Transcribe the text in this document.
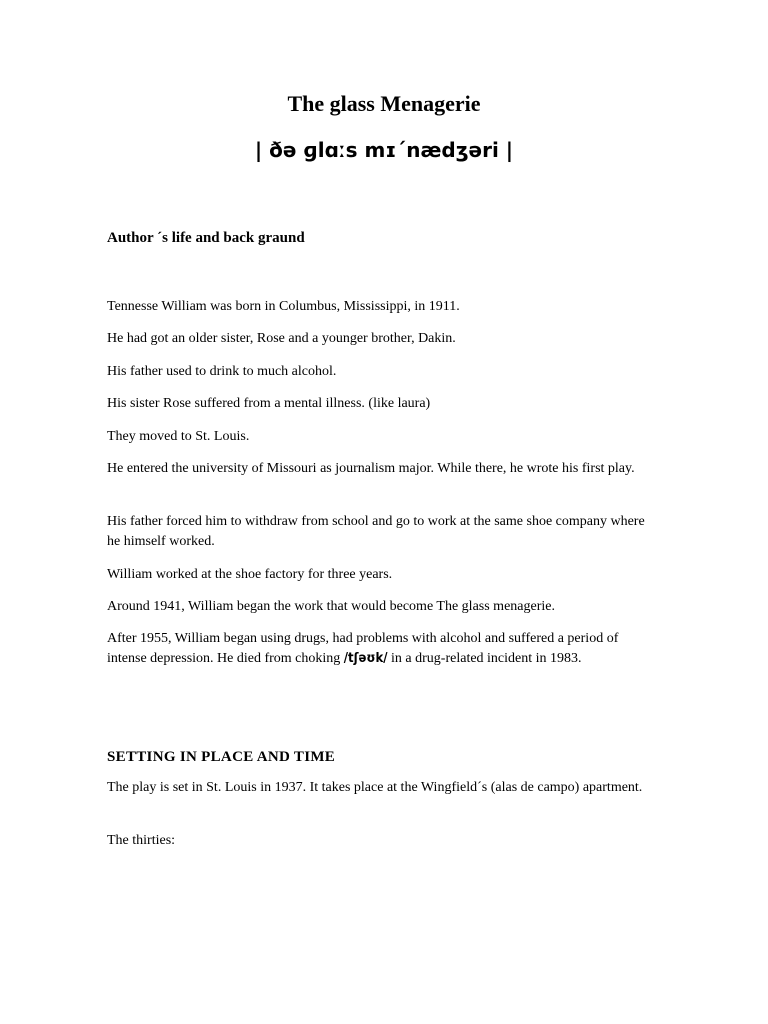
The glass Menagerie
| ðə ɡlɑːs mɪˊnædʒəri |
Author ´s life and back graund

Tennesse William was born in Columbus, Mississippi, in 1911.

He had got an older sister, Rose and a younger brother, Dakin.

His father used to drink to much alcohol.

His sister Rose suffered from a mental illness. (like laura)

They moved to St. Louis.

He entered the university of Missouri as journalism major. While there, he wrote his first play.

His father forced him to withdraw from school and go to work at the same shoe company where he himself worked.

William worked at the shoe factory for three years.

Around 1941, William began the work that would become The glass menagerie.

After 1955, William began using drugs, had problems with alcohol and suffered a period of intense depression. He died from choking /tʃəʊk/ in a drug-related incident in 1983.

SETTING IN PLACE AND TIME

The play is set in St. Louis in 1937. It takes place at the Wingfield´s (alas de campo) apartment.

The thirties:
